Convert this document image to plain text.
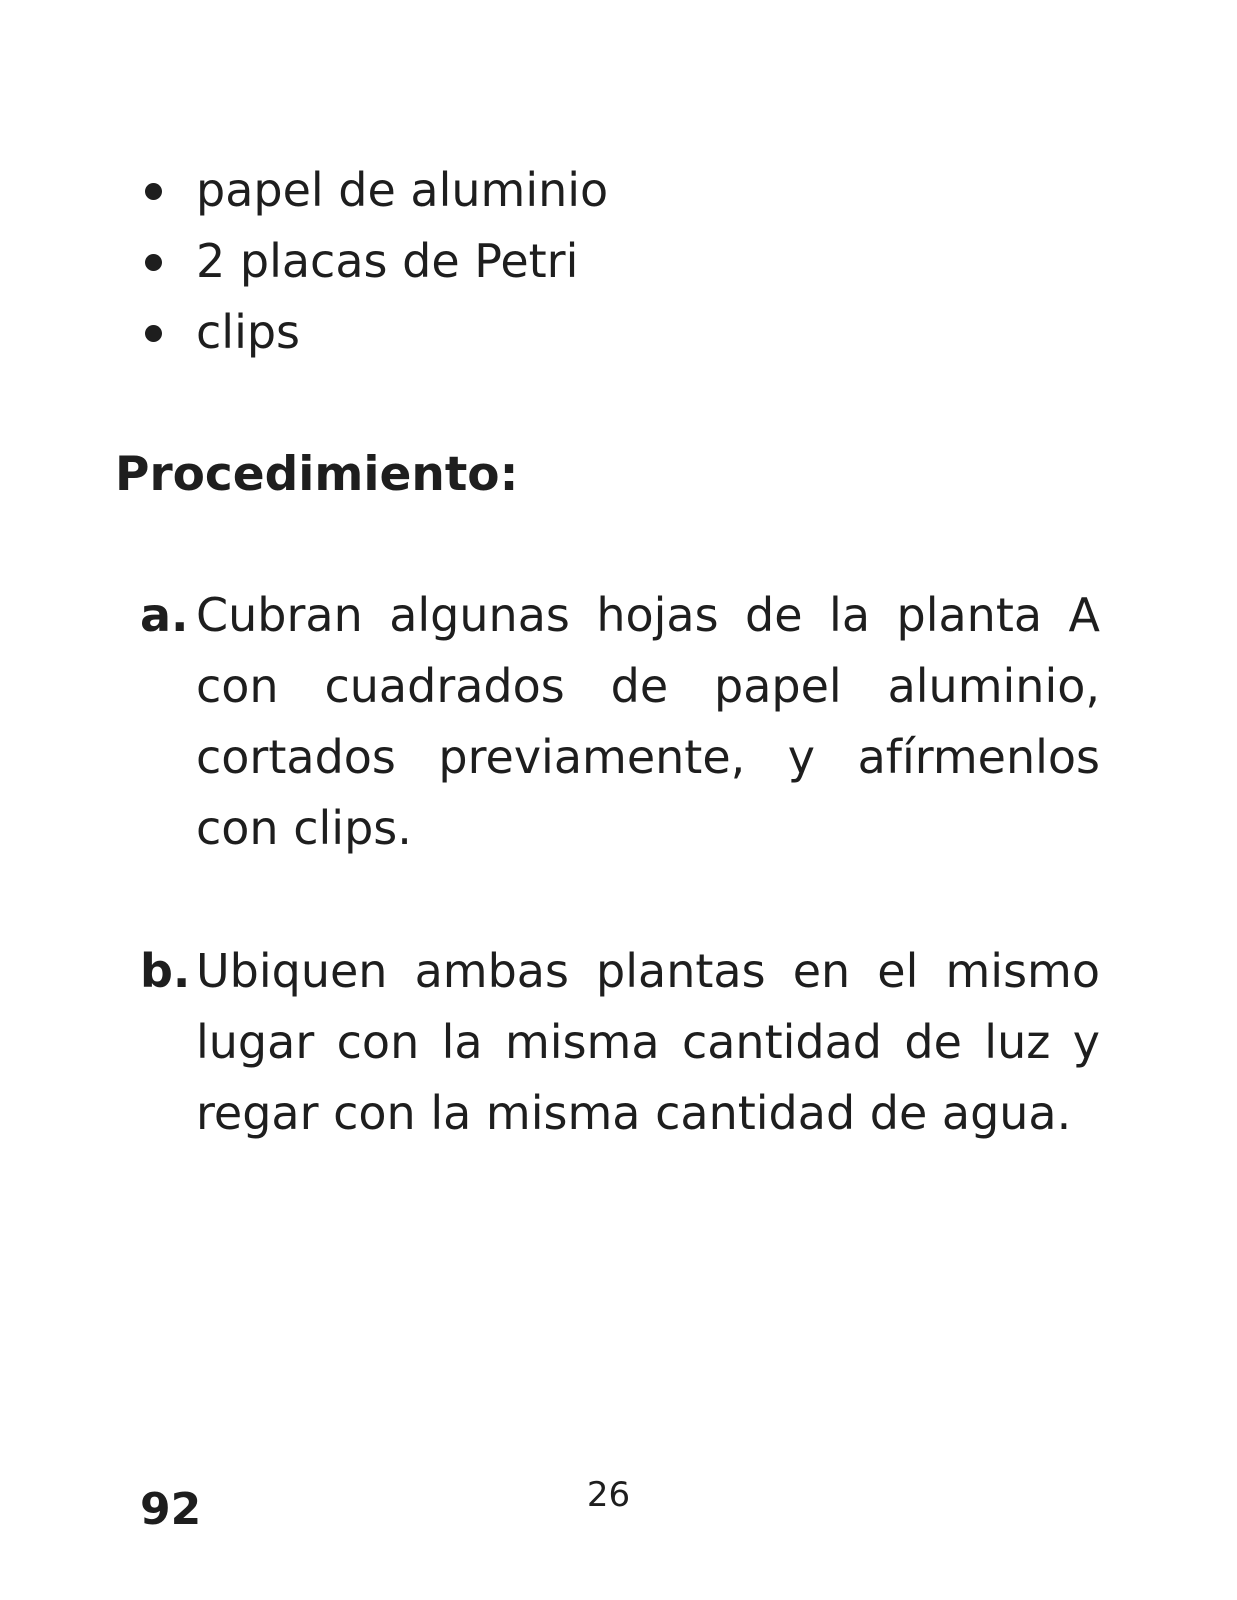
papel de aluminio
2 placas de Petri
clips
Procedimiento:
a. Cubran algunas hojas de la planta A con cuadrados de papel aluminio, cortados previamente, y afírmenlos con clips.
b. Ubiquen ambas plantas en el mismo lugar con la misma cantidad de luz y regar con la misma cantidad de agua.
92	26
